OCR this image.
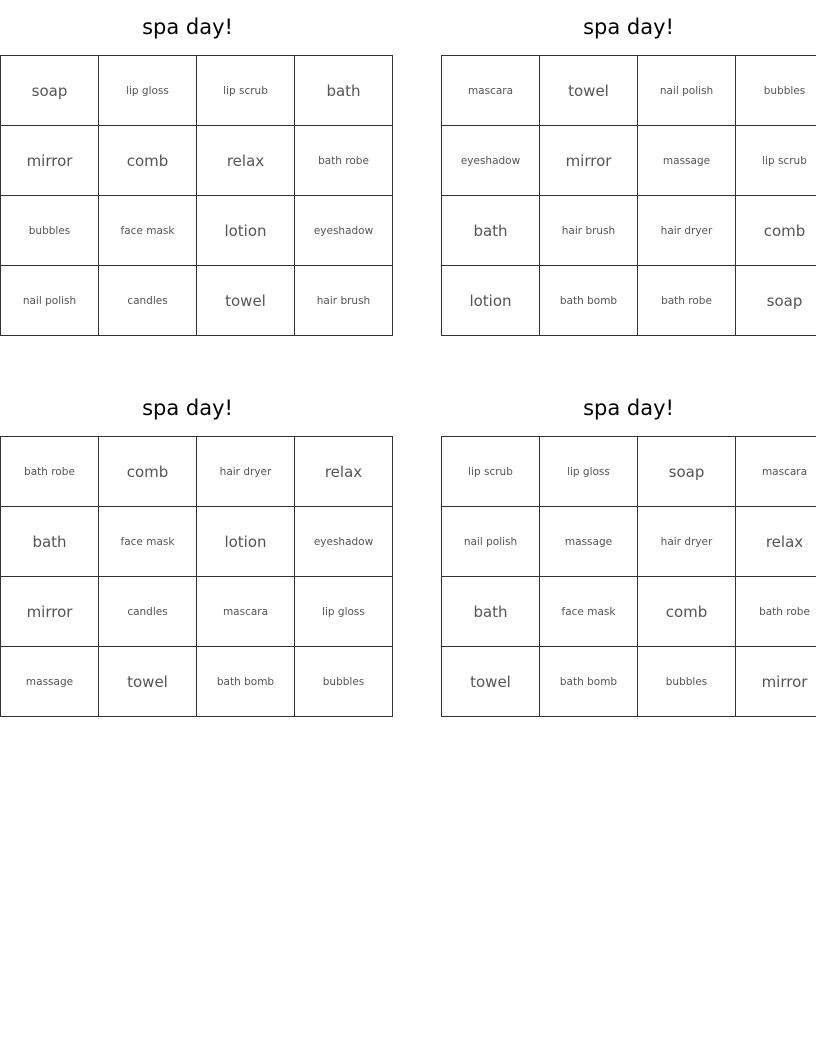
spa day!
soap	lip gloss	lip scrub	bath
mirror	comb	relax	bath robe
bubbles	face mask	lotion	eyeshadow
nail polish	candles	towel	hair brush
spa day!
mascara	towel	nail polish	bubbles
eyeshadow	mirror	massage	lip scrub
bath	hair brush	hair dryer	comb
lotion	bath bomb	bath robe	soap
spa day!
bath robe	comb	hair dryer	relax
bath	face mask	lotion	eyeshadow
mirror	candles	mascara	lip gloss
massage	towel	bath bomb	bubbles
spa day!
lip scrub	lip gloss	soap	mascara
nail polish	massage	hair dryer	relax
bath	face mask	comb	bath robe
towel	bath bomb	bubbles	mirror
